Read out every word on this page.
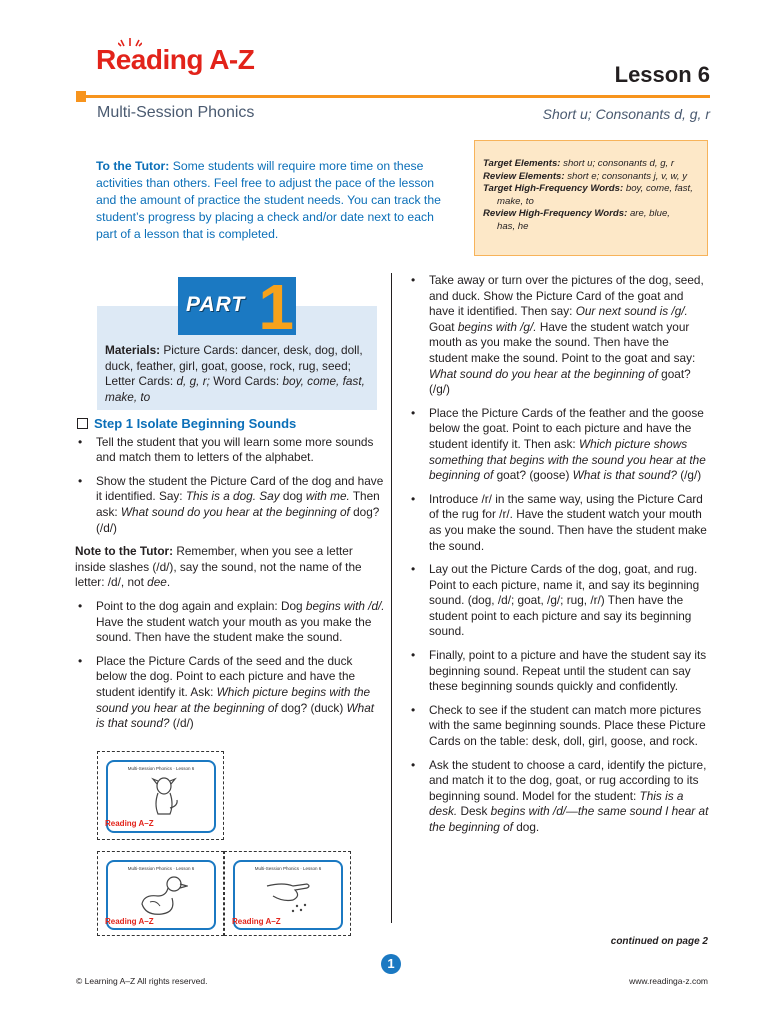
Reading A-Z	Lesson 6
Multi-Session Phonics	Short u; Consonants d, g, r
To the Tutor: Some students will require more time on these activities than others. Feel free to adjust the pace of the lesson and the amount of practice the student needs. You can track the student’s progress by placing a check and/or date next to each part of a lesson that is completed.
Target Elements: short u; consonants d, g, r
Review Elements: short e; consonants j, v, w, y
Target High-Frequency Words: boy, come, fast,
make, to
Review High-Frequency Words: are, blue,
has, he
Materials: Picture Cards: dancer, desk, dog, doll, duck, feather, girl, goat, goose, rock, rug, seed; Letter Cards: d, g, r; Word Cards: boy, come, fast, make, to
PART 1
Step 1 Isolate Beginning Sounds
• Tell the student that you will learn some more sounds and match them to letters of the alphabet.
• Show the student the Picture Card of the dog and have it identified. Say: This is a dog. Say dog with me. Then ask: What sound do you hear at the beginning of dog? (/d/)
Note to the Tutor: Remember, when you see a letter inside slashes (/d/), say the sound, not the name of the letter: /d/, not dee.
• Point to the dog again and explain: Dog begins with /d/. Have the student watch your mouth as you make the sound. Then have the student make the sound.
• Place the Picture Cards of the seed and the duck below the dog. Point to each picture and have the student identify it. Ask: Which picture begins with the sound you hear at the beginning of dog? (duck) What is that sound? (/d/)
Multi-Session Phonics · Lesson 6
Reading A–Z
Multi-Session Phonics · Lesson 6
Reading A–Z
Multi-Session Phonics · Lesson 6
Reading A–Z
• Take away or turn over the pictures of the dog, seed, and duck. Show the Picture Card of the goat and have it identified. Then say: Our next sound is /g/. Goat begins with /g/. Have the student watch your mouth as you make the sound. Then have the student make the sound. Point to the goat and say: What sound do you hear at the beginning of goat? (/g/)
• Place the Picture Cards of the feather and the goose below the goat. Point to each picture and have the student identify it. Then ask: Which picture shows something that begins with the sound you hear at the beginning of goat? (goose) What is that sound? (/g/)
• Introduce /r/ in the same way, using the Picture Card of the rug for /r/. Have the student watch your mouth as you make the sound. Then have the student make the sound.
• Lay out the Picture Cards of the dog, goat, and rug. Point to each picture, name it, and say its beginning sound. (dog, /d/; goat, /g/; rug, /r/) Then have the student point to each picture and say its beginning sound.
• Finally, point to a picture and have the student say its beginning sound. Repeat until the student can say these beginning sounds quickly and confidently.
• Check to see if the student can match more pictures with the same beginning sounds. Place these Picture Cards on the table: desk, doll, girl, goose, and rock.
• Ask the student to choose a card, identify the picture, and match it to the dog, goat, or rug according to its beginning sound. Model for the student: This is a desk. Desk begins with /d/—the same sound I hear at the beginning of dog.
continued on page 2
1
© Learning A–Z All rights reserved.	www.readinga-z.com
